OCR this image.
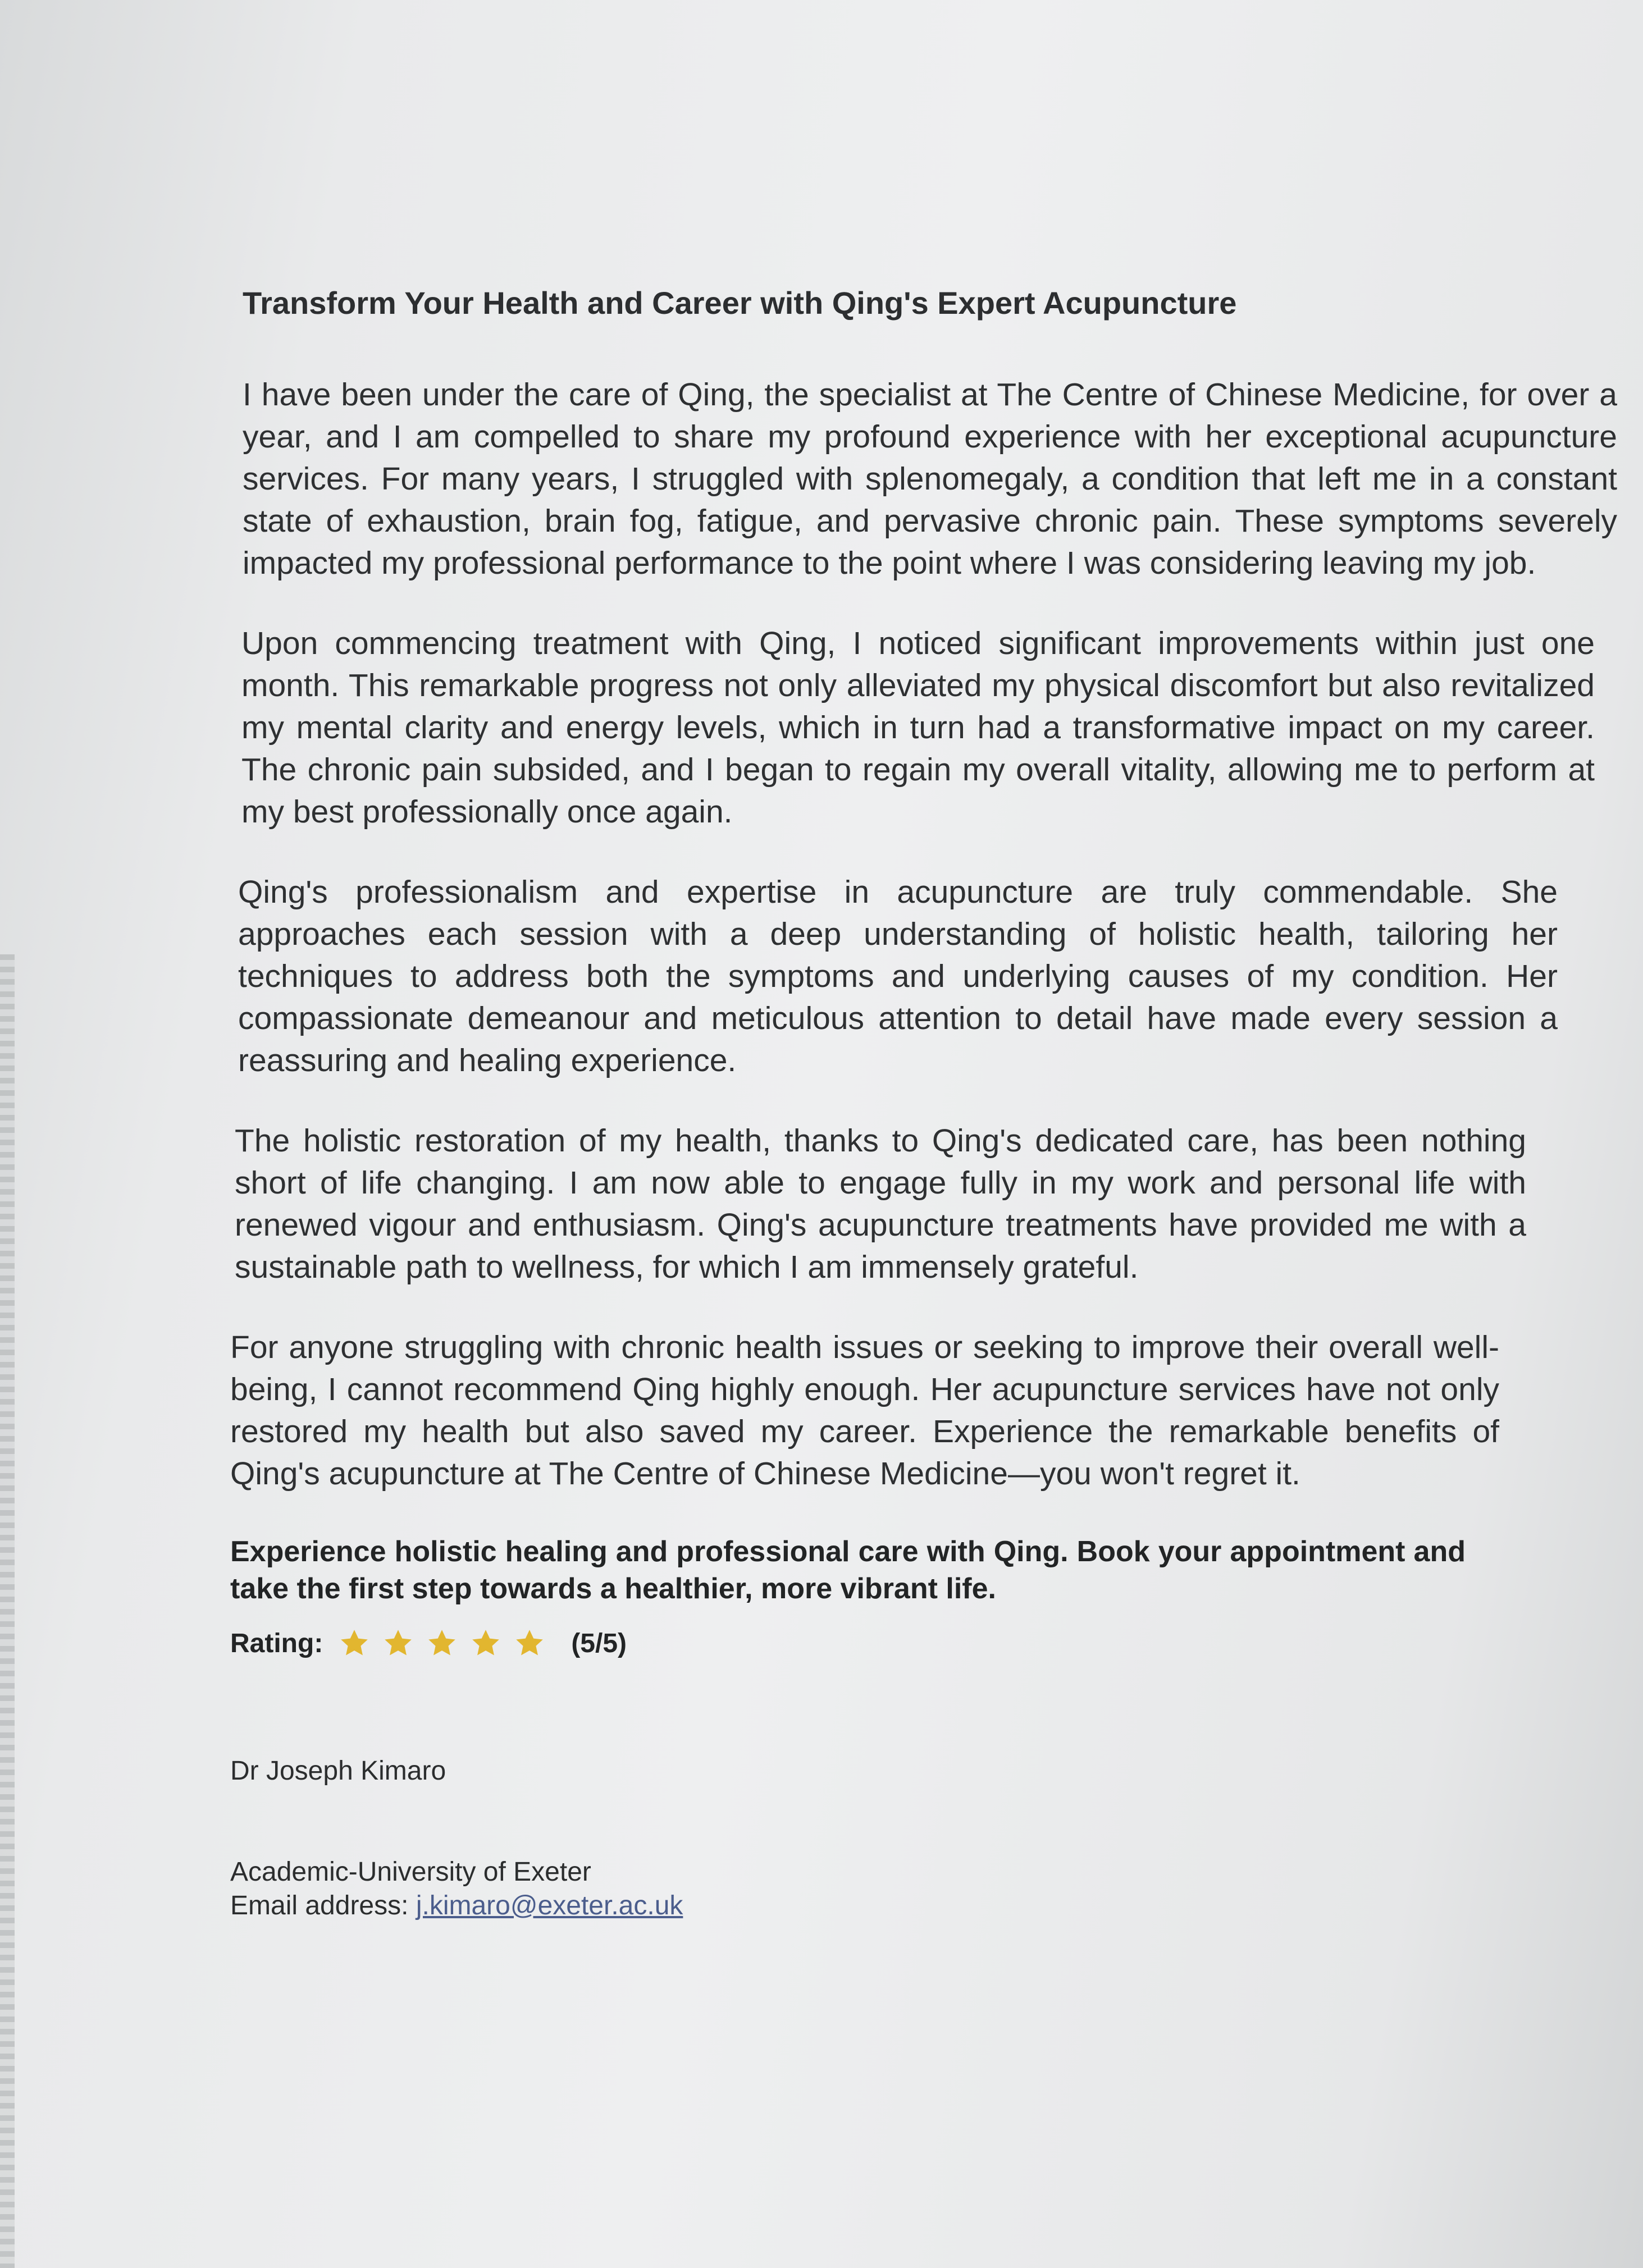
Transform Your Health and Career with Qing's Expert Acupuncture

I have been under the care of Qing, the specialist at The Centre of Chinese Medicine, for over a year, and I am compelled to share my profound experience with her exceptional acupuncture services. For many years, I struggled with splenomegaly, a condition that left me in a constant state of exhaustion, brain fog, fatigue, and pervasive chronic pain. These symptoms severely impacted my professional performance to the point where I was considering leaving my job.

Upon commencing treatment with Qing, I noticed significant improvements within just one month. This remarkable progress not only alleviated my physical discomfort but also revitalized my mental clarity and energy levels, which in turn had a transformative impact on my career. The chronic pain subsided, and I began to regain my overall vitality, allowing me to perform at my best professionally once again.

Qing's professionalism and expertise in acupuncture are truly commendable. She approaches each session with a deep understanding of holistic health, tailoring her techniques to address both the symptoms and underlying causes of my condition. Her compassionate demeanour and meticulous attention to detail have made every session a reassuring and healing experience.

The holistic restoration of my health, thanks to Qing's dedicated care, has been nothing short of life changing. I am now able to engage fully in my work and personal life with renewed vigour and enthusiasm. Qing's acupuncture treatments have provided me with a sustainable path to wellness, for which I am immensely grateful.

For anyone struggling with chronic health issues or seeking to improve their overall well-being, I cannot recommend Qing highly enough. Her acupuncture services have not only restored my health but also saved my career. Experience the remarkable benefits of Qing's acupuncture at The Centre of Chinese Medicine—you won't regret it.

Experience holistic healing and professional care with Qing. Book your appointment and take the first step towards a healthier, more vibrant life.

Rating:	(5/5)
Dr Joseph Kimaro
Academic-University of Exeter
Email address: j.kimaro@exeter.ac.uk
